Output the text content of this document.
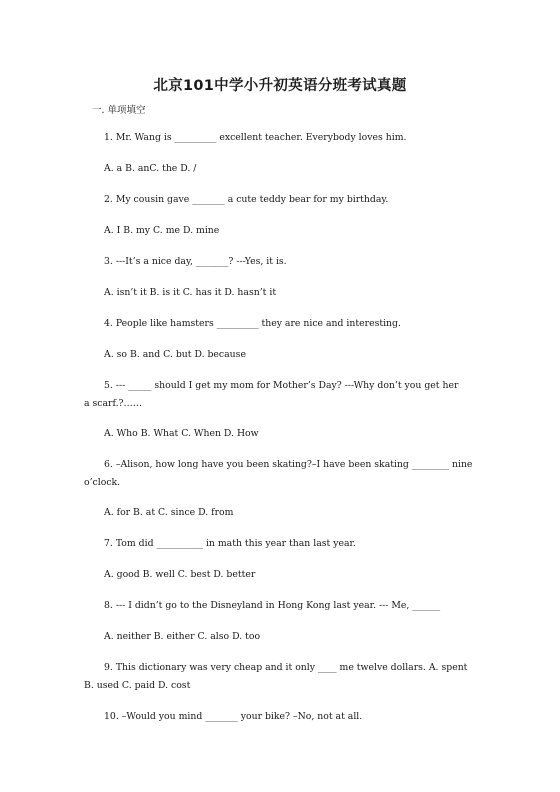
北京101中学小升初英语分班考试真题
一. 单项填空
1. Mr. Wang is _________ excellent teacher. Everybody loves him.
A. a B. anC. the D. /
2. My cousin gave _______ a cute teddy bear for my birthday.
A. I B. my C. me D. mine
3. ---It’s a nice day, _______? ---Yes, it is.
A. isn’t it B. is it C. has it D. hasn’t it
4. People like hamsters _________ they are nice and interesting.
A. so B. and C. but D. because
5. --- _____ should I get my mom for Mother’s Day? ---Why don’t you get her
a scarf.?……
A. Who B. What C. When D. How
6. –Alison, how long have you been skating?–I have been skating ________ nine
o’clock.
A. for B. at C. since D. from
7. Tom did __________ in math this year than last year.
A. good B. well C. best D. better
8. --- I didn’t go to the Disneyland in Hong Kong last year. --- Me, ______
A. neither B. either C. also D. too
9. This dictionary was very cheap and it only ____ me twelve dollars. A. spent
B. used C. paid D. cost
10. –Would you mind _______ your bike? –No, not at all.
